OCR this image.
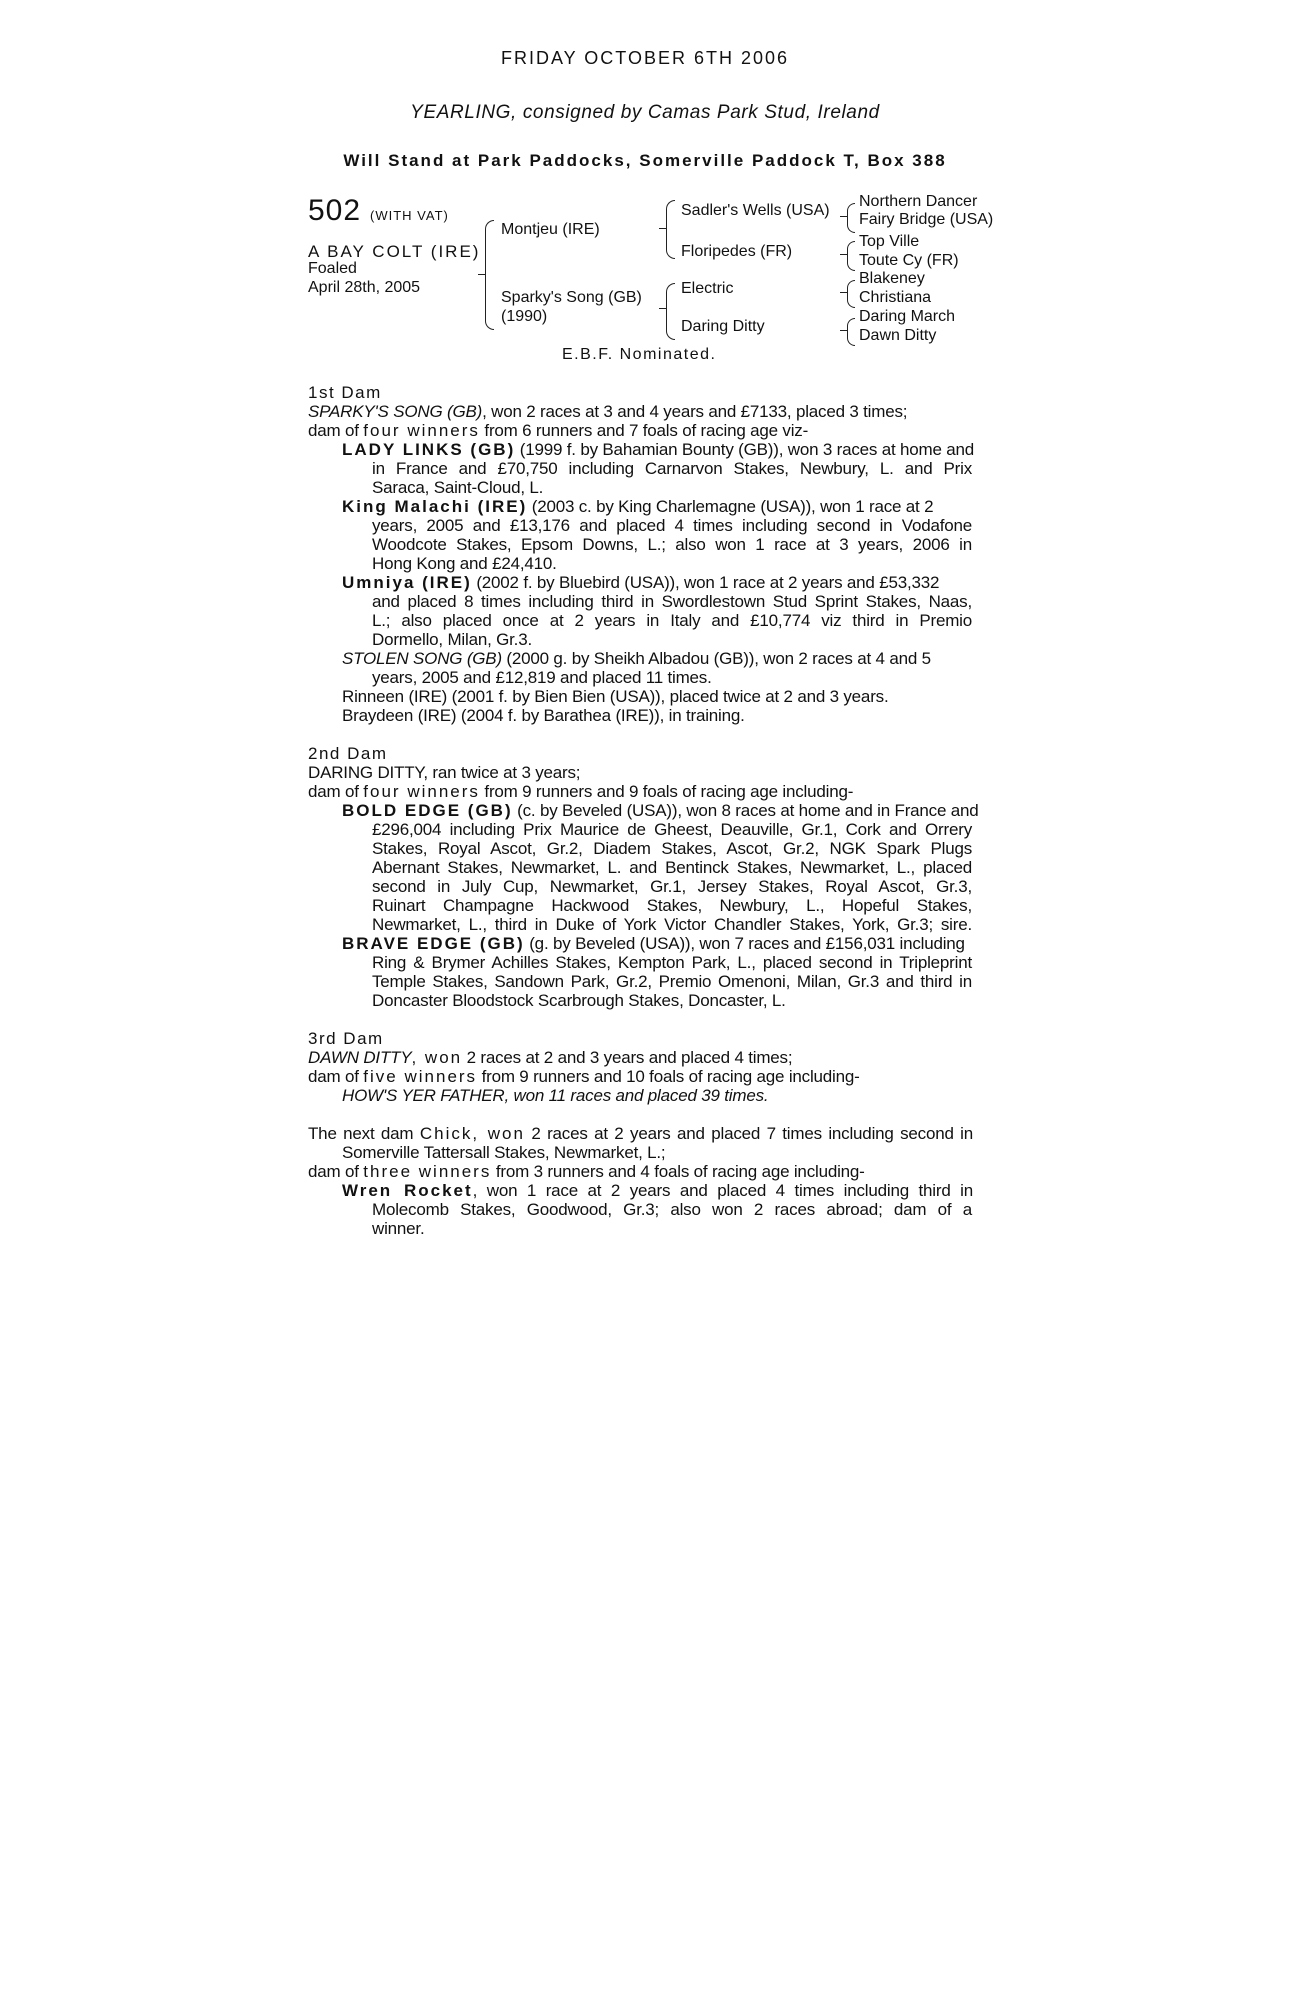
FRIDAY OCTOBER 6TH 2006
YEARLING, consigned by Camas Park Stud, Ireland
Will Stand at Park Paddocks, Somerville Paddock T, Box 388
502 (WITH VAT)
A BAY COLT (IRE)
Foaled
April 28th, 2005
Montjeu (IRE)
Sparky's Song (GB)
(1990)
Sadler's Wells (USA)
Floripedes (FR)
Electric
Daring Ditty
Northern Dancer
Fairy Bridge (USA)
Top Ville
Toute Cy (FR)
Blakeney
Christiana
Daring March
Dawn Ditty
E.B.F. Nominated.
1st Dam
SPARKY'S SONG (GB), won 2 races at 3 and 4 years and £7133, placed 3 times;
dam of four winners from 6 runners and 7 foals of racing age viz-
LADY LINKS (GB) (1999 f. by Bahamian Bounty (GB)), won 3 races at home and
in France and £70,750 including Carnarvon Stakes, Newbury, L. and Prix
Saraca, Saint-Cloud, L.
King Malachi (IRE) (2003 c. by King Charlemagne (USA)), won 1 race at 2
years, 2005 and £13,176 and placed 4 times including second in Vodafone
Woodcote Stakes, Epsom Downs, L.; also won 1 race at 3 years, 2006 in
Hong Kong and £24,410.
Umniya (IRE) (2002 f. by Bluebird (USA)), won 1 race at 2 years and £53,332
and placed 8 times including third in Swordlestown Stud Sprint Stakes, Naas,
L.; also placed once at 2 years in Italy and £10,774 viz third in Premio
Dormello, Milan, Gr.3.
STOLEN SONG (GB) (2000 g. by Sheikh Albadou (GB)), won 2 races at 4 and 5
years, 2005 and £12,819 and placed 11 times.
Rinneen (IRE) (2001 f. by Bien Bien (USA)), placed twice at 2 and 3 years.
Braydeen (IRE) (2004 f. by Barathea (IRE)), in training.
2nd Dam
DARING DITTY, ran twice at 3 years;
dam of four winners from 9 runners and 9 foals of racing age including-
BOLD EDGE (GB) (c. by Beveled (USA)), won 8 races at home and in France and
£296,004 including Prix Maurice de Gheest, Deauville, Gr.1, Cork and Orrery
Stakes, Royal Ascot, Gr.2, Diadem Stakes, Ascot, Gr.2, NGK Spark Plugs
Abernant Stakes, Newmarket, L. and Bentinck Stakes, Newmarket, L., placed
second in July Cup, Newmarket, Gr.1, Jersey Stakes, Royal Ascot, Gr.3,
Ruinart Champagne Hackwood Stakes, Newbury, L., Hopeful Stakes,
Newmarket, L., third in Duke of York Victor Chandler Stakes, York, Gr.3; sire.
BRAVE EDGE (GB) (g. by Beveled (USA)), won 7 races and £156,031 including
Ring & Brymer Achilles Stakes, Kempton Park, L., placed second in Tripleprint
Temple Stakes, Sandown Park, Gr.2, Premio Omenoni, Milan, Gr.3 and third in
Doncaster Bloodstock Scarbrough Stakes, Doncaster, L.
3rd Dam
DAWN DITTY, won 2 races at 2 and 3 years and placed 4 times;
dam of five winners from 9 runners and 10 foals of racing age including-
HOW'S YER FATHER, won 11 races and placed 39 times.
The next dam Chick, won 2 races at 2 years and placed 7 times including second in
Somerville Tattersall Stakes, Newmarket, L.;
dam of three winners from 3 runners and 4 foals of racing age including-
Wren Rocket, won 1 race at 2 years and placed 4 times including third in
Molecomb Stakes, Goodwood, Gr.3; also won 2 races abroad; dam of a
winner.
